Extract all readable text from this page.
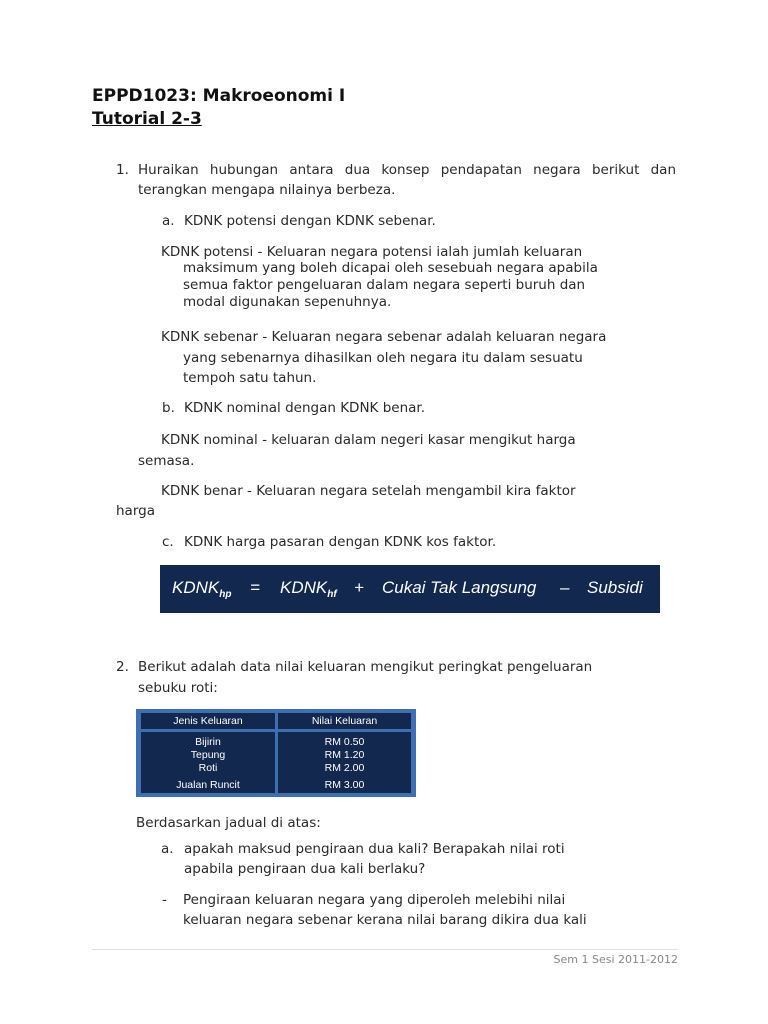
EPPD1023: Makroeonomi I
Tutorial 2-3
1. Huraikan hubungan antara dua konsep pendapatan negara berikut dan terangkan mengapa nilainya berbeza.
a. KDNK potensi dengan KDNK sebenar.
KDNK potensi - Keluaran negara potensi ialah jumlah keluaran
maksimum yang boleh dicapai oleh sesebuah negara apabila
semua faktor pengeluaran dalam negara seperti buruh dan
modal digunakan sepenuhnya.
KDNK sebenar - Keluaran negara sebenar adalah keluaran negara
yang sebenarnya dihasilkan oleh negara itu dalam sesuatu
tempoh satu tahun.
b. KDNK nominal dengan KDNK benar.
KDNK nominal - keluaran dalam negeri kasar mengikut harga
semasa.
KDNK benar - Keluaran negara setelah mengambil kira faktor
harga
c. KDNK harga pasaran dengan KDNK kos faktor.
$KDNK_{hp}$ = $KDNK_{hf}$ + Cukai Tak Langsung – Subsidi
2. Berikut adalah data nilai keluaran mengikut peringkat pengeluaran
sebuku roti:
Jenis Keluaran	Nilai Keluaran
Bijirin
Tepung
Roti
RM 0.50
RM 1.20
RM 2.00
Jualan Runcit	RM 3.00
Berdasarkan jadual di atas:
a. apakah maksud pengiraan dua kali? Berapakah nilai roti
apabila pengiraan dua kali berlaku?
- Pengiraan keluaran negara yang diperoleh melebihi nilai
keluaran negara sebenar kerana nilai barang dikira dua kali
Sem 1 Sesi 2011-2012
